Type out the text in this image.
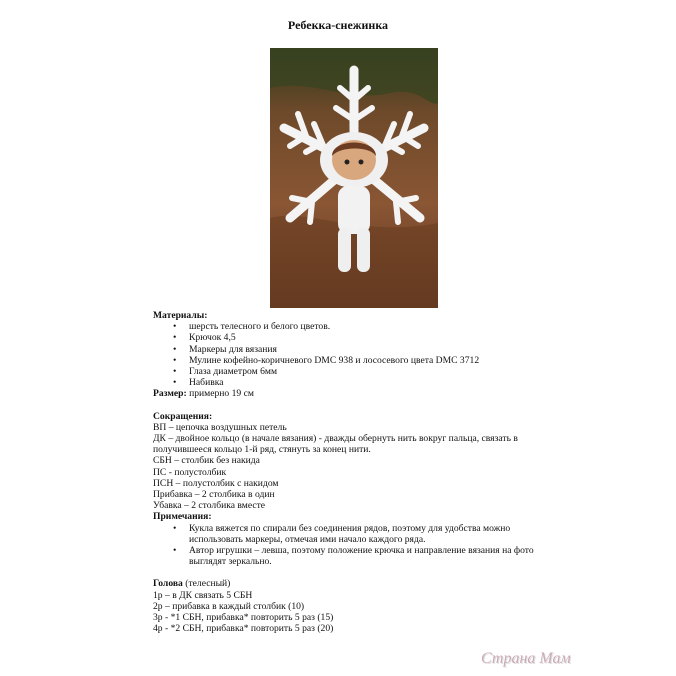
Ребекка-снежинка
Материалы:
• шерсть телесного и белого цветов.
• Крючок 4,5
• Маркеры для вязания
• Мулине кофейно-коричневого DMC 938 и лососевого цвета DMC 3712
• Глаза диаметром 6мм
• Набивка
Размер: примерно 19 см
Сокращения:
ВП – цепочка воздушных петель
ДК – двойное кольцо (в начале вязания) - дважды обернуть нить вокруг пальца, связать в получившееся кольцо 1-й ряд, стянуть за конец нити.
СБН – столбик без накида
ПС - полустолбик
ПСН – полустолбик с накидом
Прибавка – 2 столбика в один
Убавка – 2 столбика вместе
Примечания:
• Кукла вяжется по спирали без соединения рядов, поэтому для удобства можно использовать маркеры, отмечая ими начало каждого ряда.
• Автор игрушки – левша, поэтому положение крючка и направление вязания на фото выглядят зеркально.
Голова (телесный)
1р – в ДК связать 5 СБН
2р – прибавка в каждый столбик (10)
3р - *1 СБН, прибавка* повторить 5 раз (15)
4р - *2 СБН, прибавка* повторить 5 раз (20)
Страна Мам
